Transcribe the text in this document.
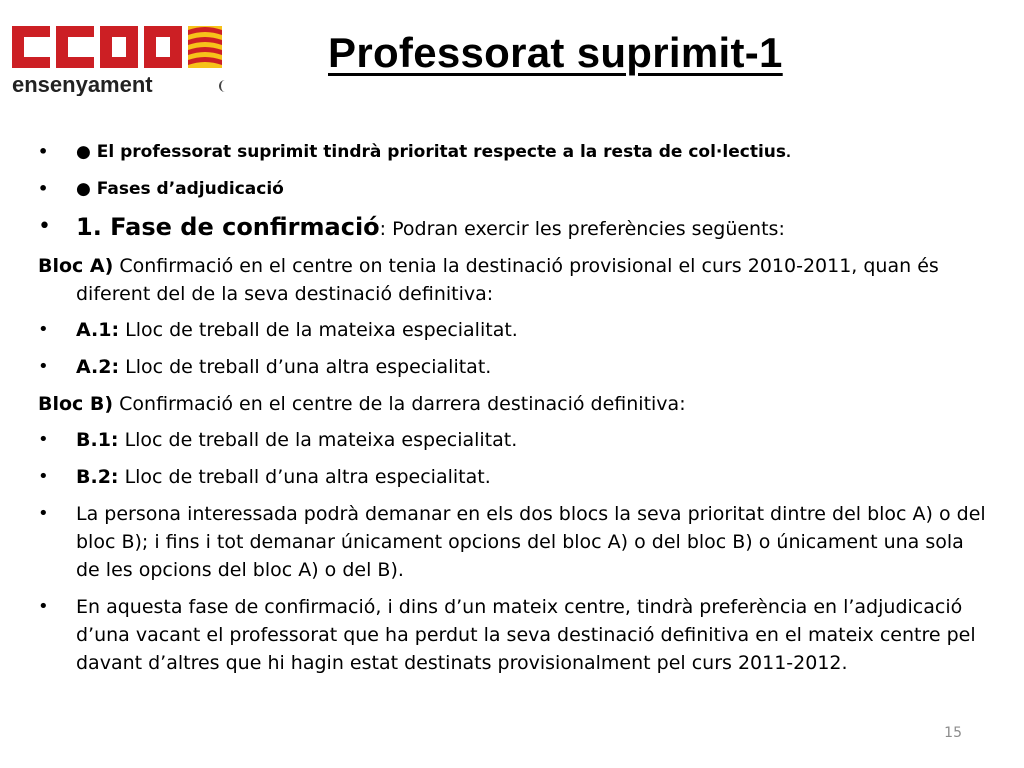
ensenyament
Professorat suprimit-1

•	● El professorat suprimit tindrà prioritat respecte a la resta de col·lectius.

•	● Fases d’adjudicació

•	1. Fase de confirmació: Podran exercir les preferències següents:

Bloc A) Confirmació en el centre on tenia la destinació provisional el curs 2010-2011, quan és diferent del de la seva destinació definitiva:

•	A.1: Lloc de treball de la mateixa especialitat.

•	A.2: Lloc de treball d’una altra especialitat.

Bloc B) Confirmació en el centre de la darrera destinació definitiva:

•	B.1: Lloc de treball de la mateixa especialitat.

•	B.2: Lloc de treball d’una altra especialitat.

•	La persona interessada podrà demanar en els dos blocs la seva prioritat dintre del bloc A) o del bloc B); i fins i tot demanar únicament opcions del bloc A) o del bloc B) o únicament una sola de les opcions del bloc A) o del B).

•	En aquesta fase de confirmació, i dins d’un mateix centre, tindrà preferència en l’adjudicació d’una vacant el professorat que ha perdut la seva destinació definitiva en el mateix centre pel davant d’altres que hi hagin estat destinats provisionalment pel curs 2011-2012.

15
